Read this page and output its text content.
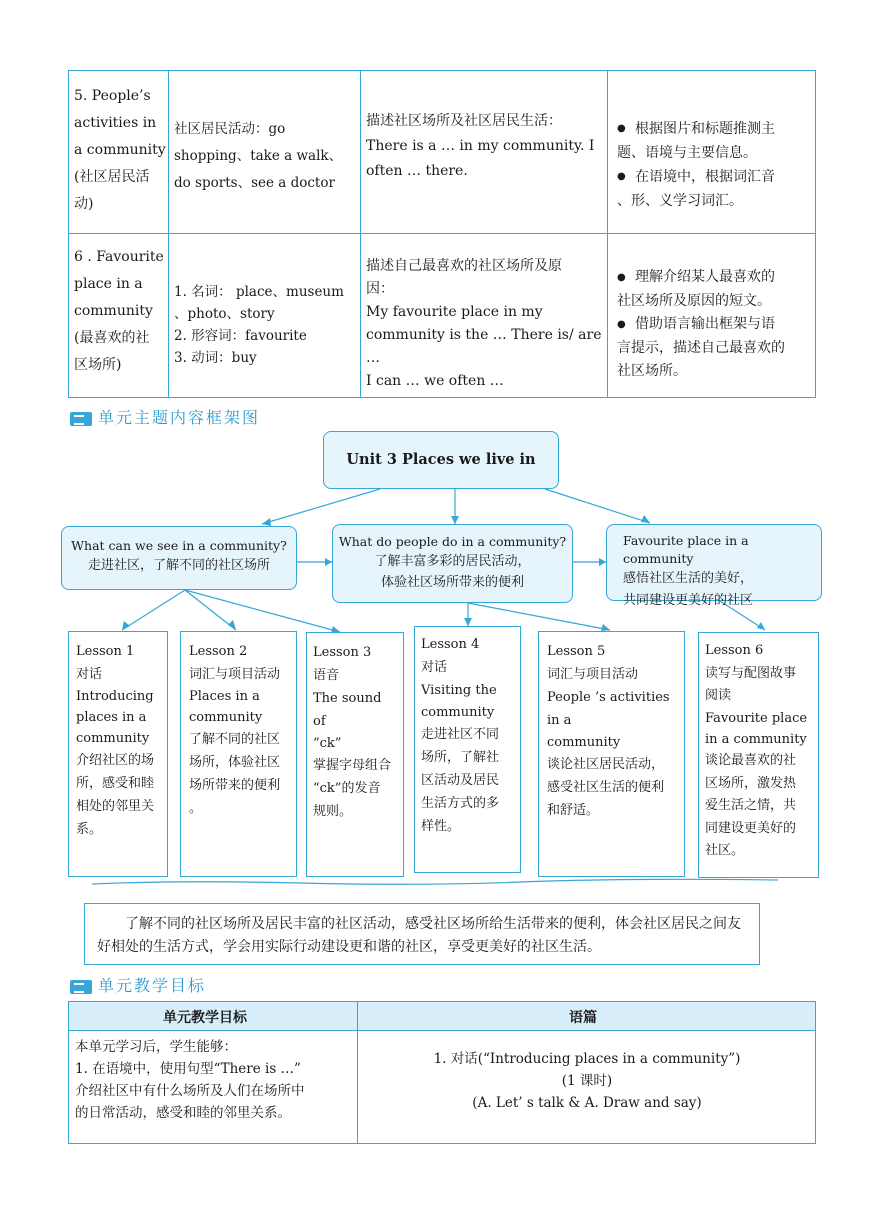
5. People’s

activities in

a community

(社区居民活

动)

社区居民活动：go

shopping、take a walk、

do sports、see a doctor

描述社区场所及社区居民生活：

There is a … in my community. I

often … there.

● 根据图片和标题推测主

题、语境与主要信息。

● 在语境中，根据词汇音

、形、义学习词汇。

6 . Favourite

place in a

community

(最喜欢的社

区场所)

1. 名词： place、museum

、photo、story

2. 形容词：favourite

3. 动词：buy

描述自己最喜欢的社区场所及原

因：

My favourite place in my

community is the … There is/ are …

I can … we often …

● 理解介绍某人最喜欢的

社区场所及原因的短文。

● 借助语言输出框架与语

言提示，描述自己最喜欢的

社区场所。

单元主题内容框架图
Unit 3 Places we live in
What can we see in a community?
走进社区，了解不同的社区场所
What do people do in a community?
了解丰富多彩的居民活动，
体验社区场所带来的便利
Favourite place in a community
感悟社区生活的美好，
共同建设更美好的社区

Lesson 1

对话

Introducing

places in a

community

介绍社区的场

所，感受和睦

相处的邻里关

系。

Lesson 2

词汇与项目活动

Places in a

community

了解不同的社区

场所，体验社区

场所带来的便利

。

Lesson 3

语音

The sound of

“ck”

掌握字母组合

“ck”的发音

规则。

Lesson 4

对话

Visiting the

community

走进社区不同

场所，了解社

区活动及居民

生活方式的多

样性。

Lesson 5

词汇与项目活动

People ’s activities in a

community

谈论社区居民活动，

感受社区生活的便利

和舒适。

Lesson 6

读写与配图故事

阅读

Favourite place

in a community

谈论最喜欢的社

区场所，激发热

爱生活之情，共

同建设更美好的

社区。

了解不同的社区场所及居民丰富的社区活动，感受社区场所给生活带来的便利，体会社区居民之间友好相处的生活方式，学会用实际行动建设更和谐的社区，享受更美好的社区生活。
单元教学目标
单元教学目标	语篇

本单元学习后，学生能够：

1. 在语境中，使用句型“There is …”

介绍社区中有什么场所及人们在场所中

的日常活动，感受和睦的邻里关系。

1. 对话(“Introducing places in a community”)

(1 课时)

(A. Let’ s talk & A. Draw and say)
